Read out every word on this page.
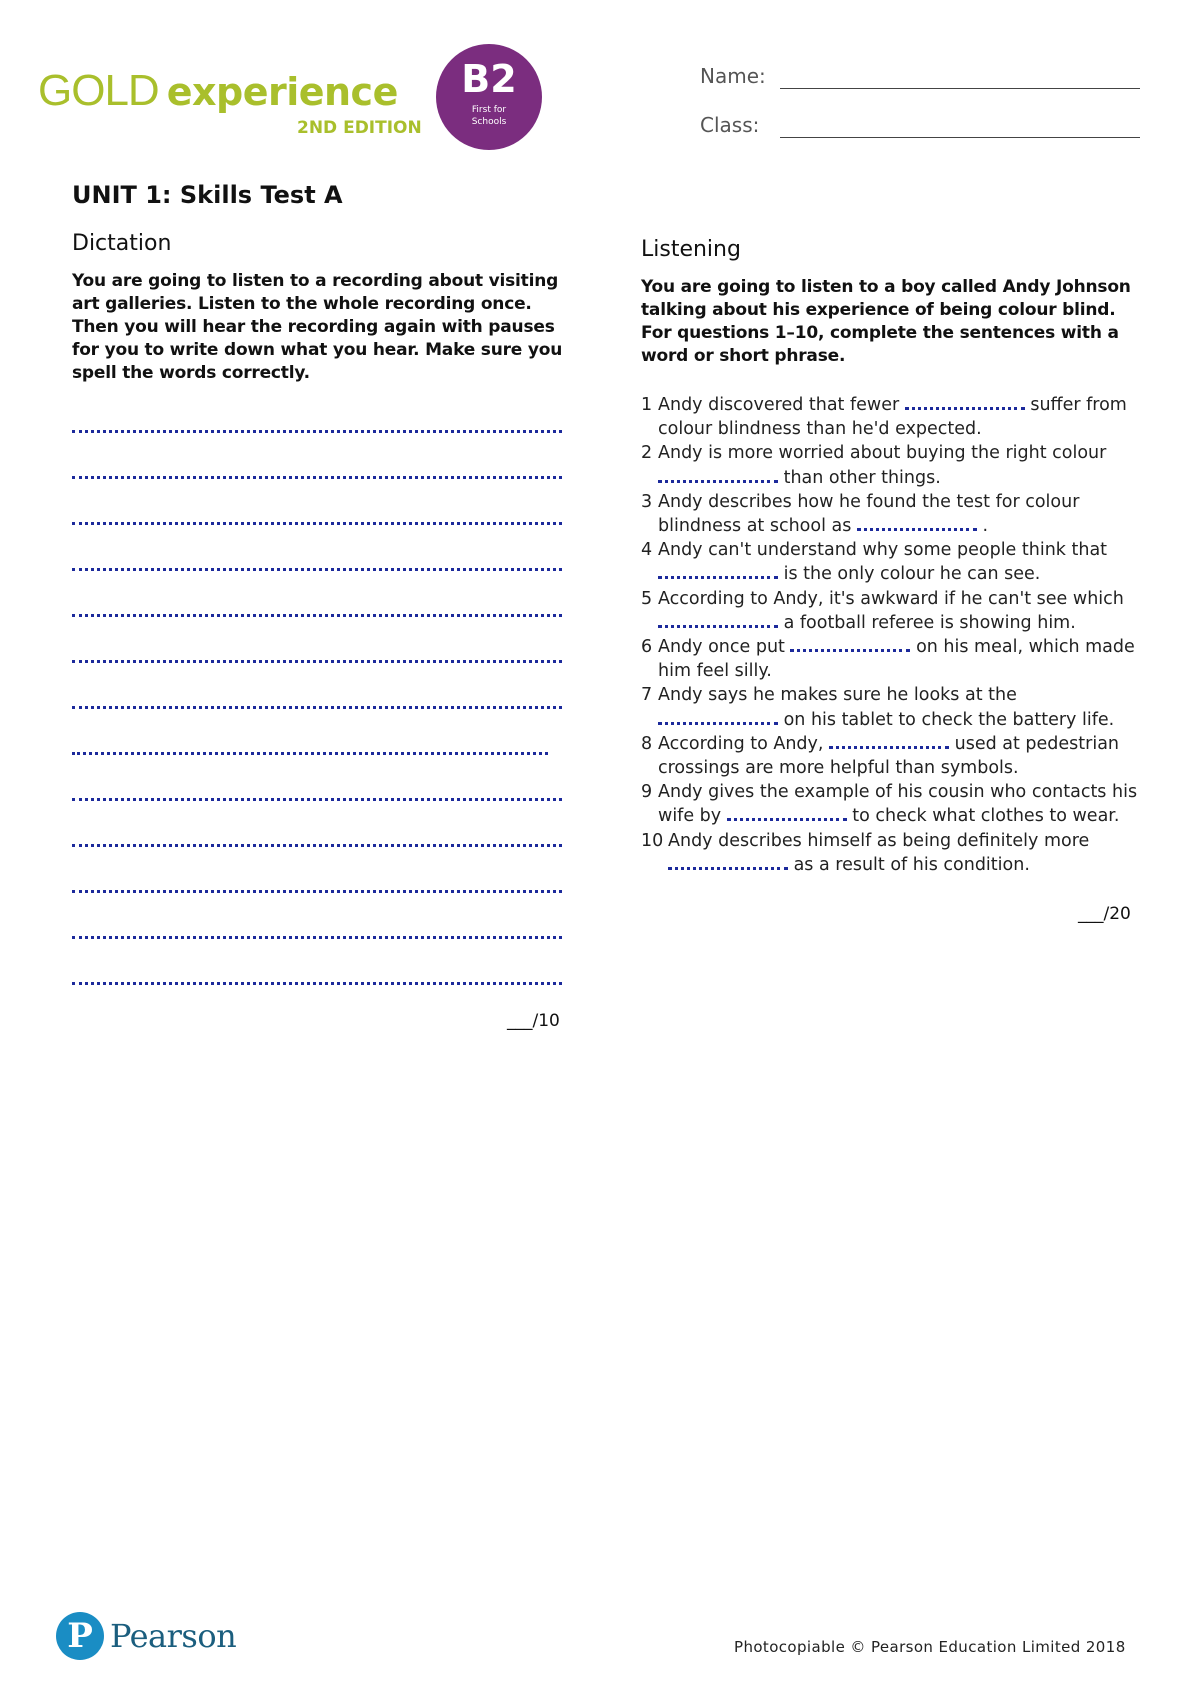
GOLD experience
2ND EDITION
B2
First for
Schools
Name:
Class:
UNIT 1: Skills Test A
Dictation
You are going to listen to a recording about visiting art galleries. Listen to the whole recording once. Then you will hear the recording again with pauses for you to write down what you hear. Make sure you spell the words correctly.
___/10
Listening
You are going to listen to a boy called Andy Johnson talking about his experience of being colour blind. For questions 1–10, complete the sentences with a word or short phrase.
1 Andy discovered that fewer	suffer from colour blindness than he'd expected.
2 Andy is more worried about buying the right colour  than other things.
3 Andy describes how he found the test for colour blindness at school as	.
4 Andy can't understand why some people think that  is the only colour he can see.
5 According to Andy, it's awkward if he can't see which  a football referee is showing him.
6 Andy once put	on his meal, which made him feel silly.
7 Andy says he makes sure he looks at the  on his tablet to check the battery life.
8 According to Andy,	used at pedestrian crossings are more helpful than symbols.
9 Andy gives the example of his cousin who contacts his wife by	to check what clothes to wear.
10 Andy describes himself as being definitely more  as a result of his condition.
___/20
P Pearson	Photocopiable © Pearson Education Limited 2018
